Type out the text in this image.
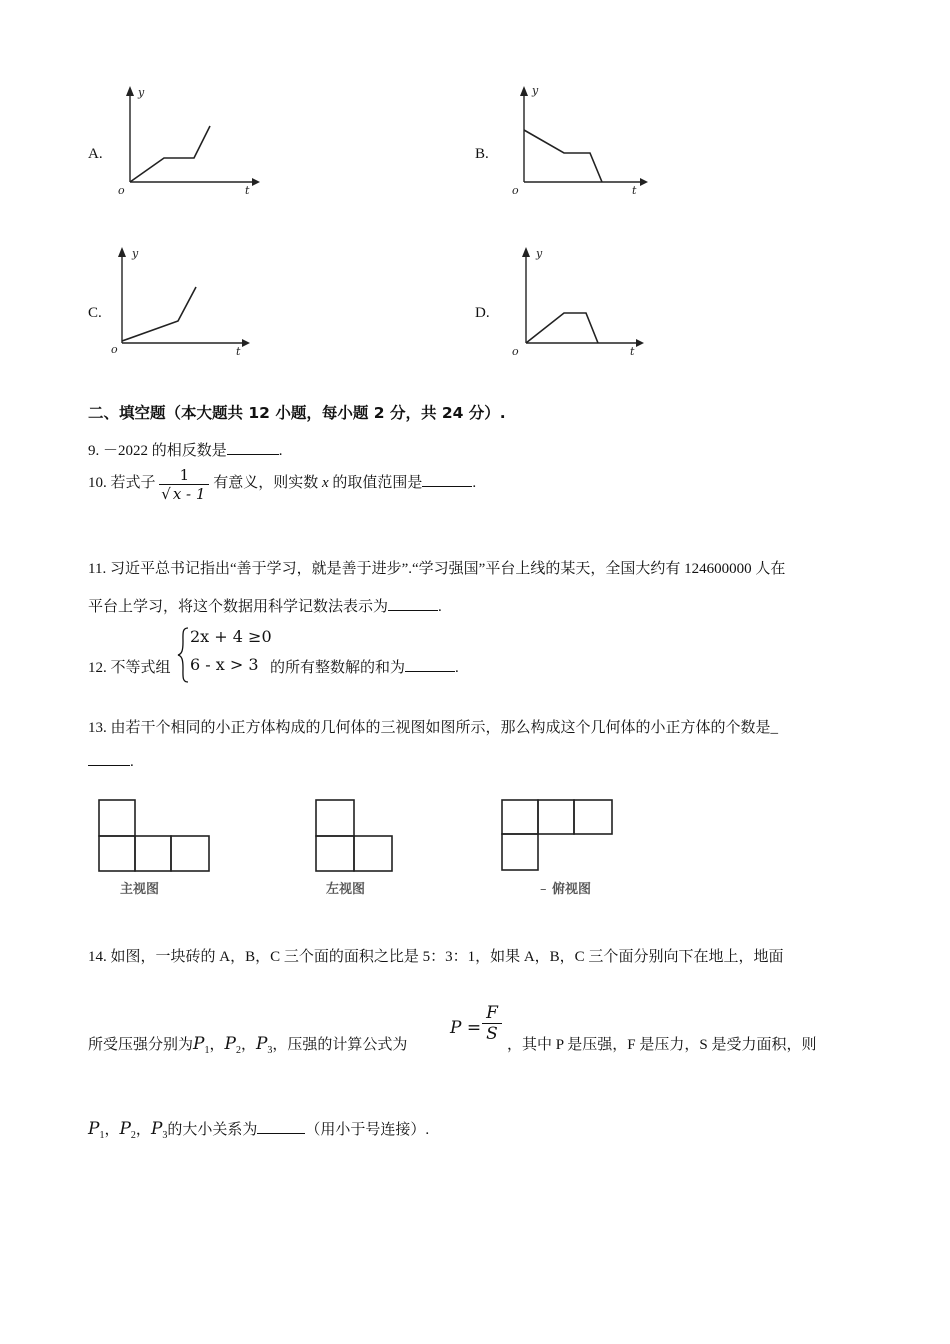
A.
y
t
o
B.
y
t
o
C.
y
t
o
D.
y
t
o
二、填空题（本大题共 12 小题，每小题 2 分，共 24 分）.
9. －2022 的相反数是	.
10. 若式子 $\frac{1}{√ x - 1}$ 有意义，则实数 x 的取值范围是	.
11. 习近平总书记指出“善于学习，就是善于进步”.“学习强国”平台上线的某天，全国大约有 124600000 人在
平台上学习，将这个数据用科学记数法表示为	.
12. 不等式组
2x + 4 ≥0
6 - x > 3 的所有整数解的和为	.
13. 由若干个相同的小正方体构成的几何体的三视图如图所示，那么构成这个几何体的小正方体的个数是_
.
主视图	左视图	– 俯视图
14. 如图，一块砖的 A，B，C 三个面的面积之比是 5：3：1，如果 A，B，C 三个面分别向下在地上，地面
所受压强分别为$P_1$，$P_2$，$P_3$，压强的计算公式为
$P = \frac{F}{S}$
，其中 P 是压强，F 是压力，S 是受力面积，则
$P_1$，$P_2$，$P_3$的大小关系为	（用小于号连接）.
